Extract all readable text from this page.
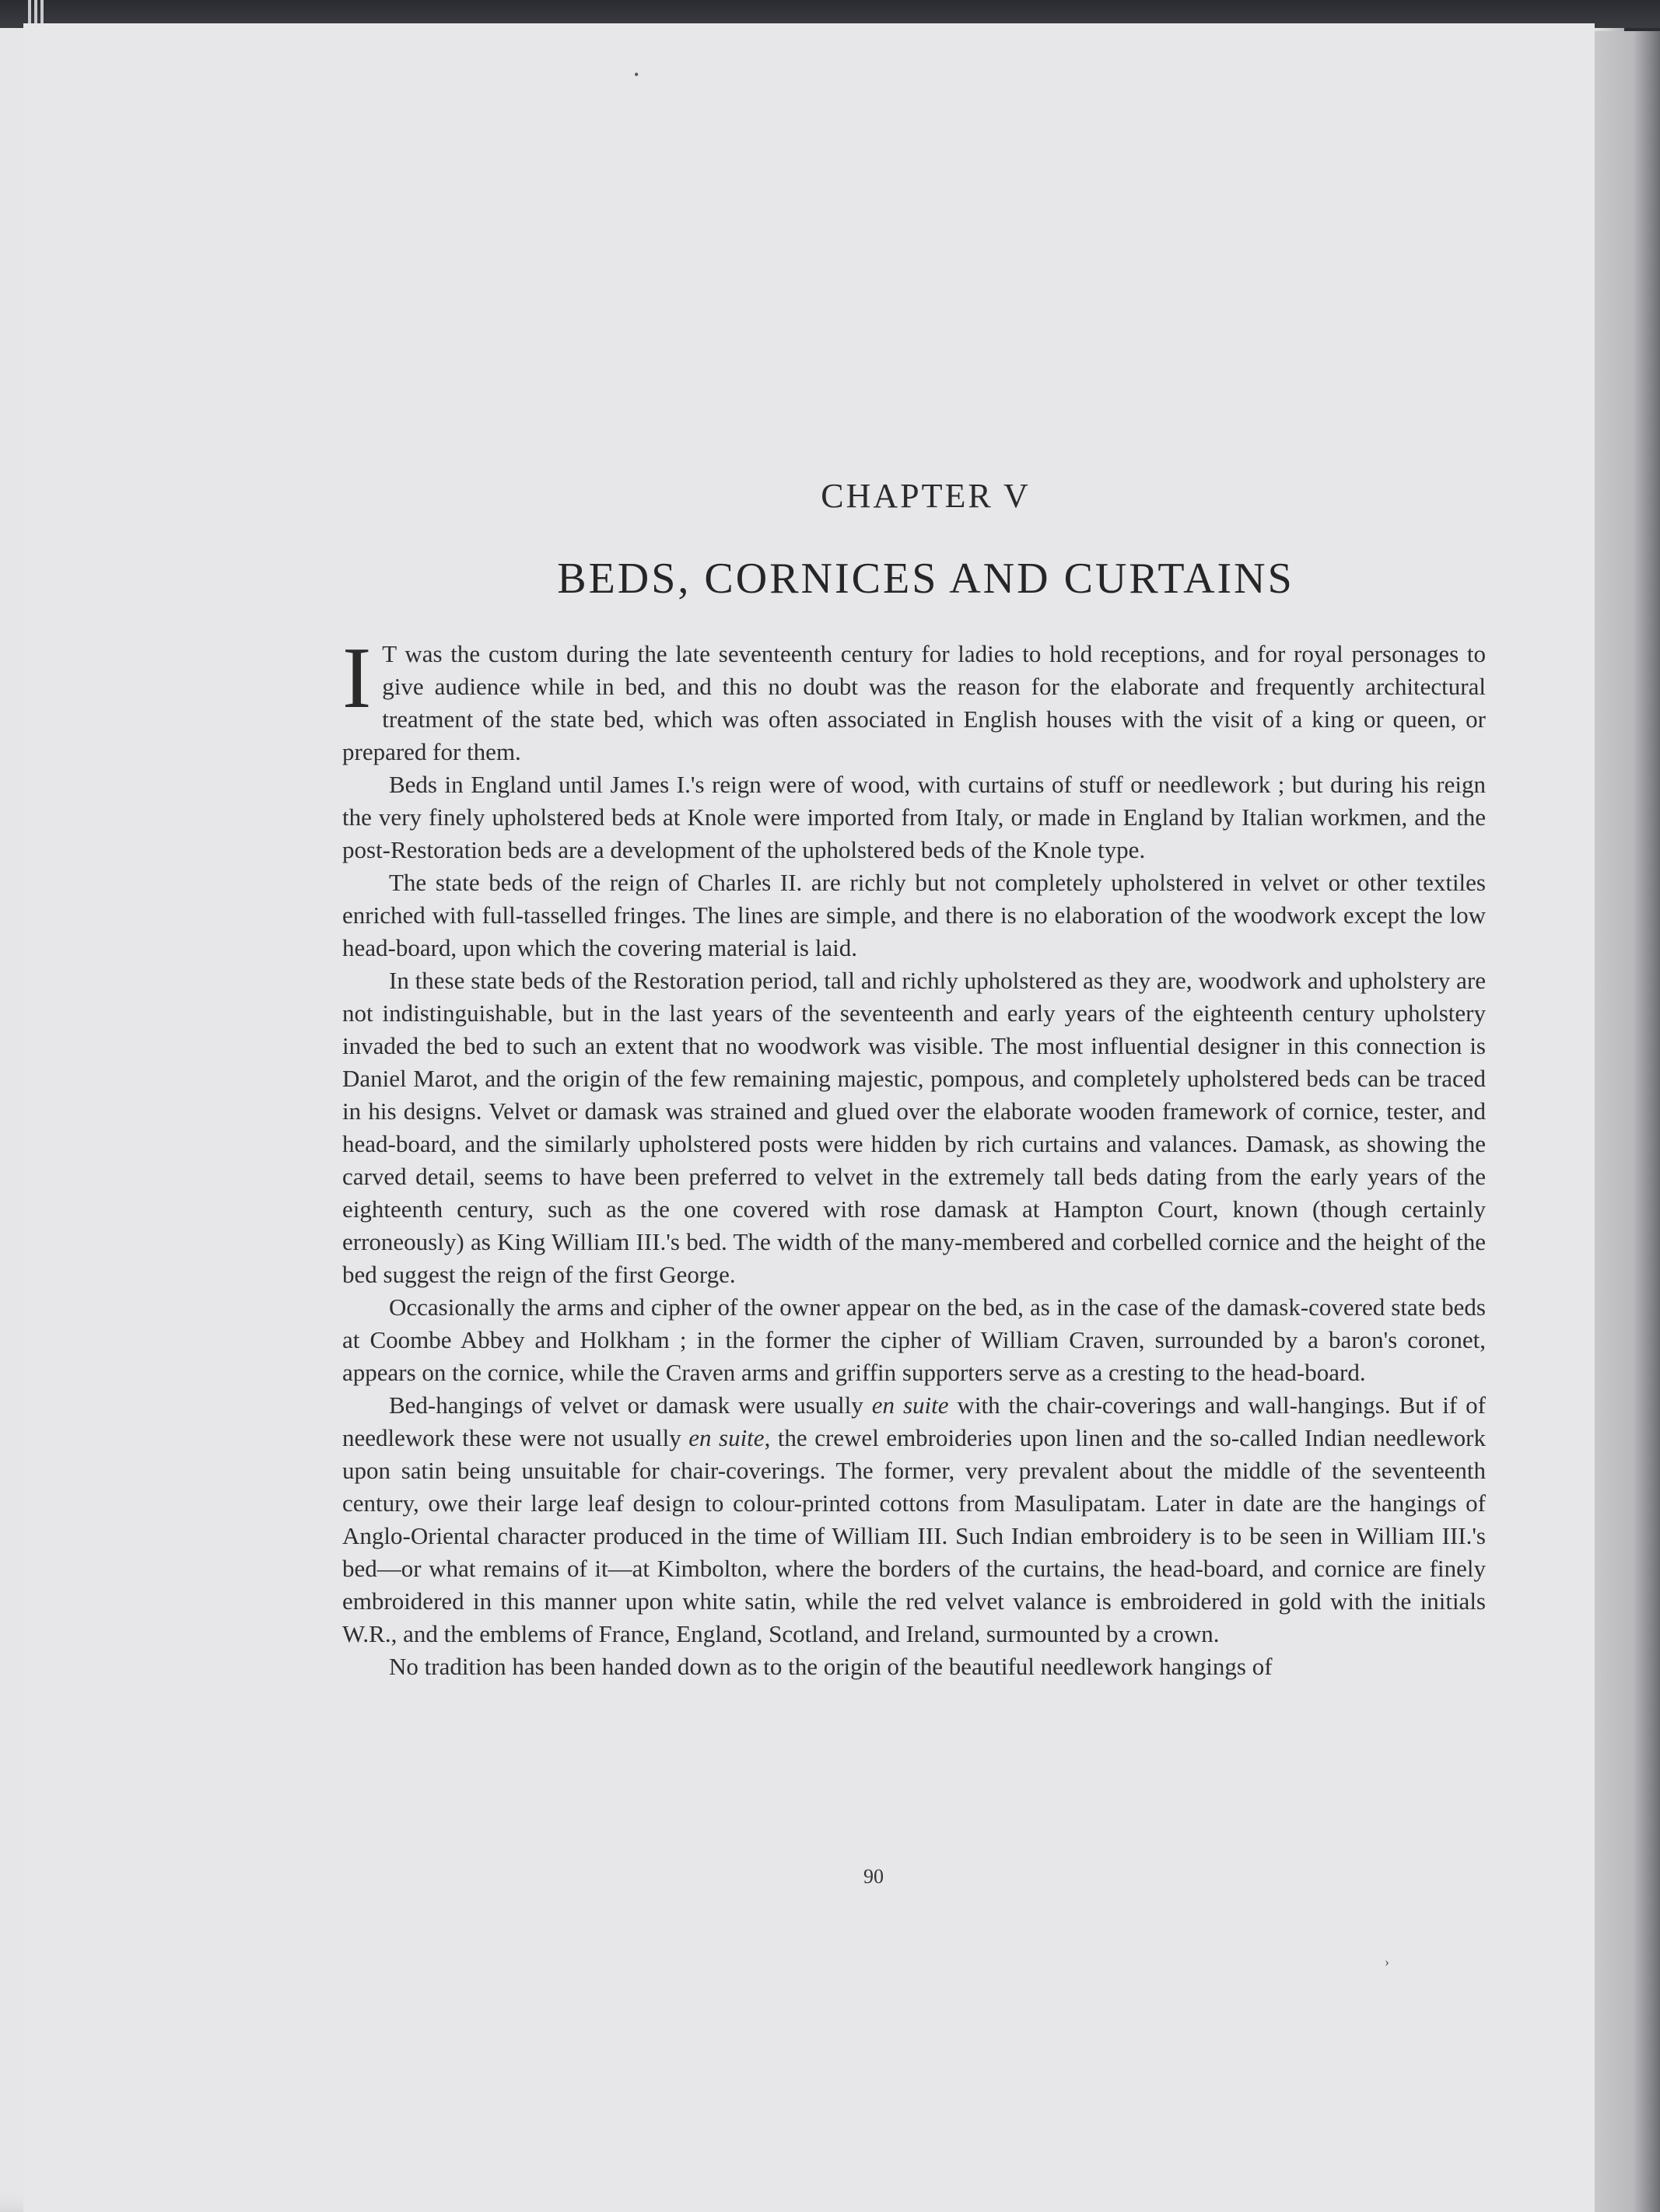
CHAPTER V
BEDS, CORNICES AND CURTAINS

I T was the custom during the late seventeenth century for ladies to hold receptions, and for royal personages to give audience while in bed, and this no doubt was the reason for the elaborate and frequently architectural treatment of the state bed, which was often associated in English houses with the visit of a king or queen, or prepared for them.

Beds in England until James I.'s reign were of wood, with curtains of stuff or needlework ; but during his reign the very finely upholstered beds at Knole were imported from Italy, or made in England by Italian workmen, and the post-Restoration beds are a development of the upholstered beds of the Knole type.

The state beds of the reign of Charles II. are richly but not completely upholstered in velvet or other textiles enriched with full-tasselled fringes. The lines are simple, and there is no elaboration of the woodwork except the low head-board, upon which the covering material is laid.

In these state beds of the Restoration period, tall and richly upholstered as they are, woodwork and upholstery are not indistinguishable, but in the last years of the seventeenth and early years of the eighteenth century upholstery invaded the bed to such an extent that no woodwork was visible. The most influential designer in this connection is Daniel Marot, and the origin of the few remaining majestic, pompous, and completely upholstered beds can be traced in his designs. Velvet or damask was strained and glued over the elaborate wooden framework of cornice, tester, and head-board, and the similarly upholstered posts were hidden by rich curtains and valances. Damask, as showing the carved detail, seems to have been preferred to velvet in the extremely tall beds dating from the early years of the eighteenth century, such as the one covered with rose damask at Hampton Court, known (though certainly erroneously) as King William III.'s bed. The width of the many-membered and corbelled cornice and the height of the bed suggest the reign of the first George.

Occasionally the arms and cipher of the owner appear on the bed, as in the case of the damask-covered state beds at Coombe Abbey and Holkham ; in the former the cipher of William Craven, surrounded by a baron's coronet, appears on the cornice, while the Craven arms and griffin supporters serve as a cresting to the head-board.

Bed-hangings of velvet or damask were usually en suite with the chair-coverings and wall-hangings. But if of needlework these were not usually en suite, the crewel embroideries upon linen and the so-called Indian needlework upon satin being unsuitable for chair-coverings. The former, very prevalent about the middle of the seventeenth century, owe their large leaf design to colour-printed cottons from Masulipatam. Later in date are the hangings of Anglo-Oriental character produced in the time of William III. Such Indian embroidery is to be seen in William III.'s bed—or what remains of it—at Kimbolton, where the borders of the curtains, the head-board, and cornice are finely embroidered in this manner upon white satin, while the red velvet valance is embroidered in gold with the initials W.R., and the emblems of France, England, Scotland, and Ireland, surmounted by a crown.

No tradition has been handed down as to the origin of the beautiful needlework hangings of

90
•
›
